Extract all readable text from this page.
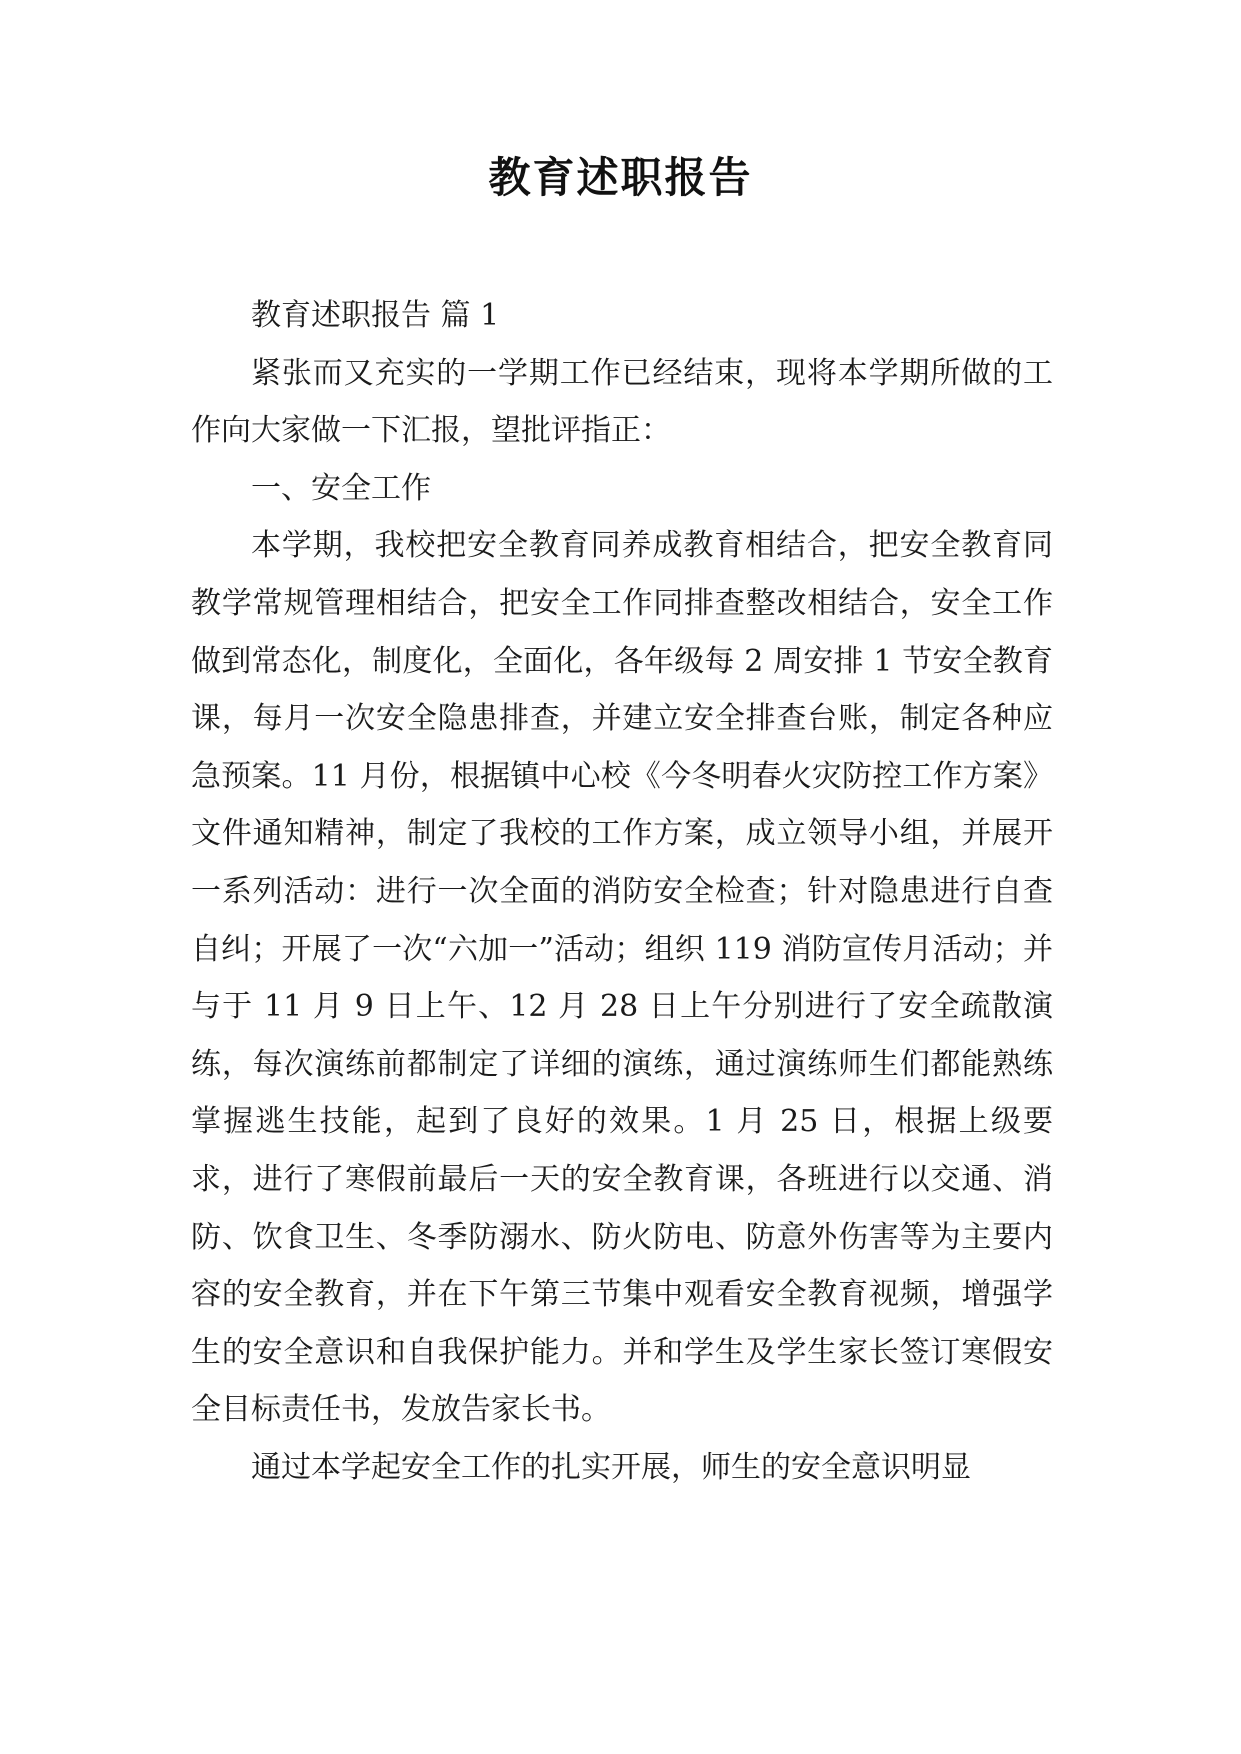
教育述职报告

教育述职报告 篇 1

紧张而又充实的一学期工作已经结束，现将本学期所做的工作向大家做一下汇报，望批评指正：

一、安全工作

本学期，我校把安全教育同养成教育相结合，把安全教育同教学常规管理相结合，把安全工作同排查整改相结合，安全工作做到常态化，制度化，全面化，各年级每 2 周安排 1 节安全教育课，每月一次安全隐患排查，并建立安全排查台账，制定各种应急预案。11 月份，根据镇中心校《今冬明春火灾防控工作方案》文件通知精神，制定了我校的工作方案，成立领导小组，并展开一系列活动：进行一次全面的消防安全检查；针对隐患进行自查自纠；开展了一次“六加一”活动；组织 119 消防宣传月活动；并与于 11 月 9 日上午、12 月 28 日上午分别进行了安全疏散演练，每次演练前都制定了详细的演练，通过演练师生们都能熟练掌握逃生技能，起到了良好的效果。1 月 25 日，根据上级要求，进行了寒假前最后一天的安全教育课，各班进行以交通、消防、饮食卫生、冬季防溺水、防火防电、防意外伤害等为主要内容的安全教育，并在下午第三节集中观看安全教育视频，增强学生的安全意识和自我保护能力。并和学生及学生家长签订寒假安全目标责任书，发放告家长书。

通过本学起安全工作的扎实开展，师生的安全意识明显
